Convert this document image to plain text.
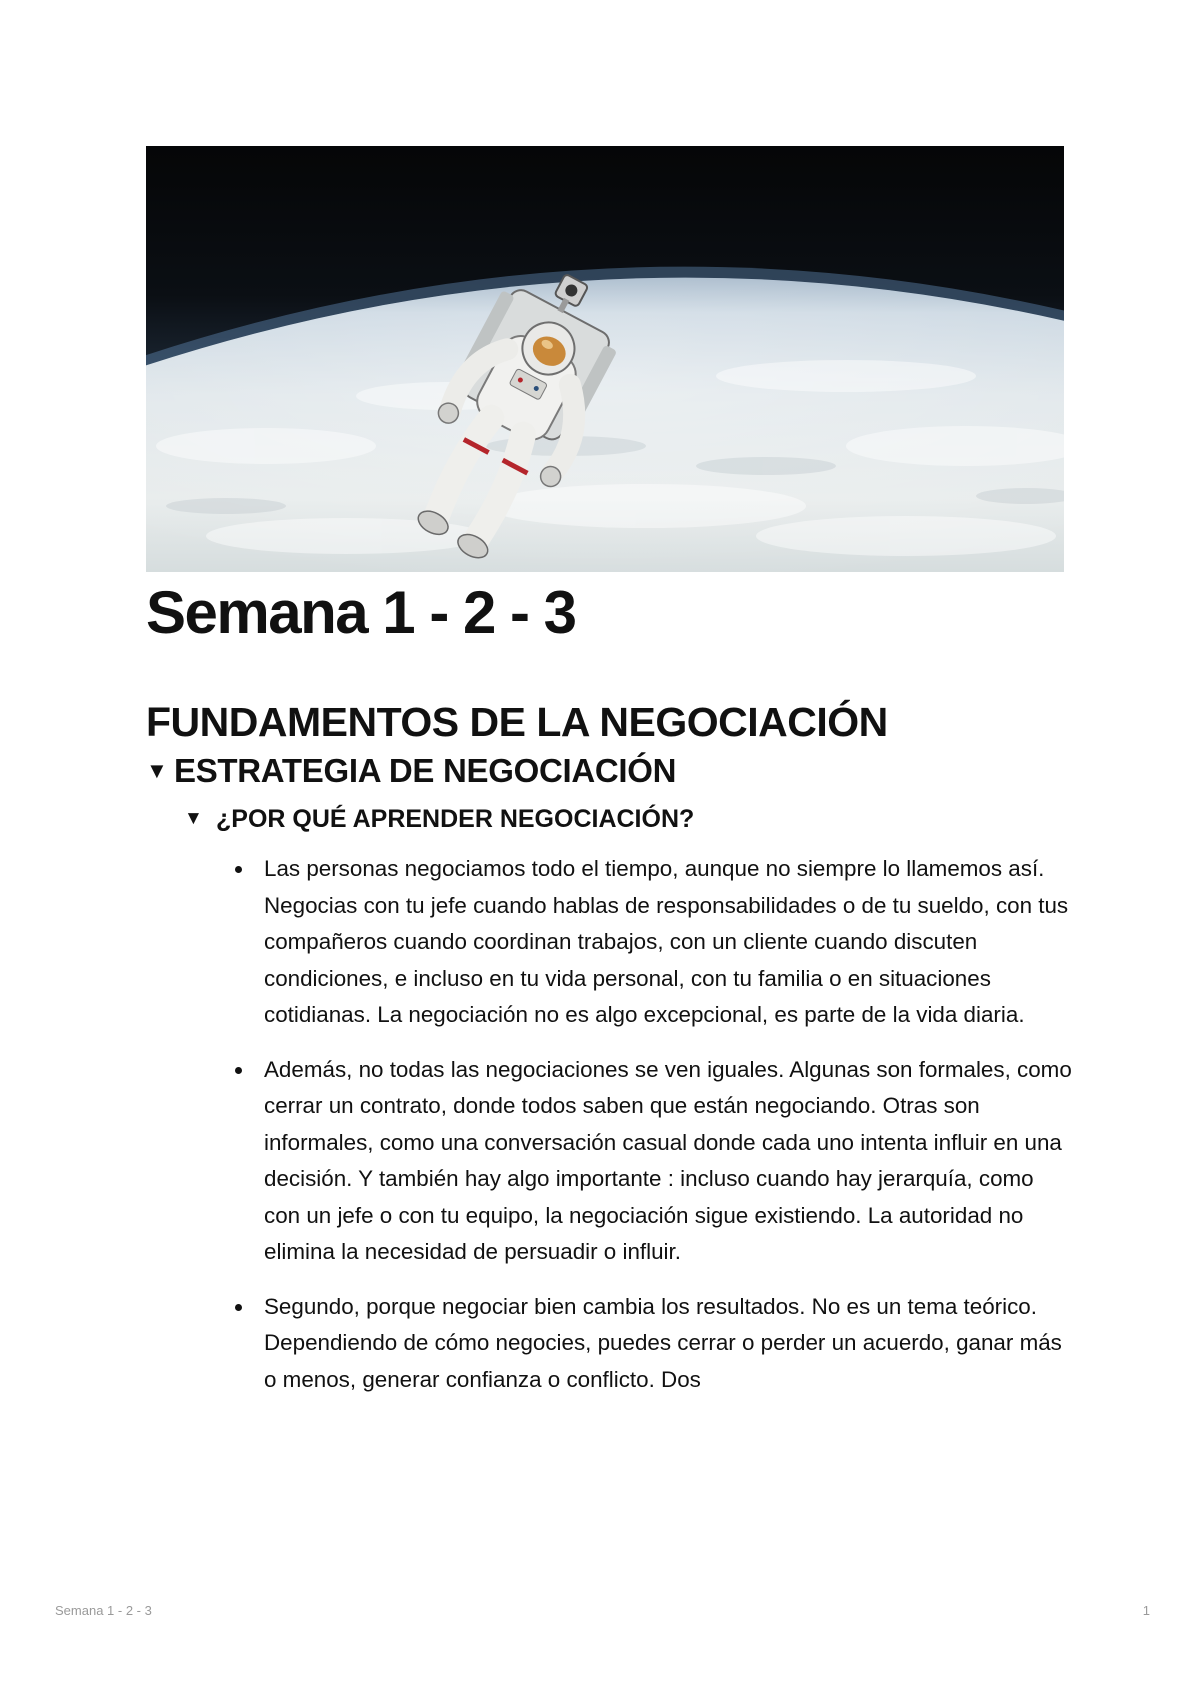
Semana 1 - 2 - 3
FUNDAMENTOS DE LA NEGOCIACIÓN
▼ ESTRATEGIA DE NEGOCIACIÓN
▼ ¿POR QUÉ APRENDER NEGOCIACIÓN?
Las personas negociamos todo el tiempo, aunque no siempre lo llamemos así. Negocias con tu jefe cuando hablas de responsabilidades o de tu sueldo, con tus compañeros cuando coordinan trabajos, con un cliente cuando discuten condiciones, e incluso en tu vida personal, con tu familia o en situaciones cotidianas. La negociación no es algo excepcional, es parte de la vida diaria.
Además, no todas las negociaciones se ven iguales. Algunas son formales, como cerrar un contrato, donde todos saben que están negociando. Otras son informales, como una conversación casual donde cada uno intenta influir en una decisión. Y también hay algo importante : incluso cuando hay jerarquía, como con un jefe o con tu equipo, la negociación sigue existiendo. La autoridad no elimina la necesidad de persuadir o influir.
Segundo, porque negociar bien cambia los resultados. No es un tema teórico. Dependiendo de cómo negocies, puedes cerrar o perder un acuerdo, ganar más o menos, generar confianza o conflicto. Dos
Semana 1 - 2 - 3	1
